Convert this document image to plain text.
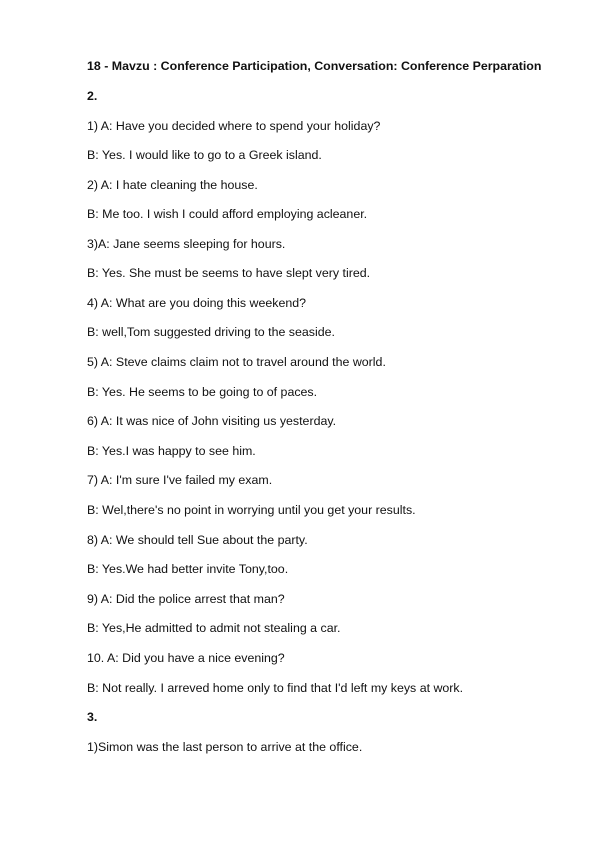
18 - Mavzu : Conference Participation, Conversation: Conference Perparation
2.
1) A: Have you decided where to spend your holiday?
B: Yes. I would like to go to a Greek island.
2) A: I hate cleaning the house.
B: Me too. I wish I could afford employing acleaner.
3)A: Jane seems sleeping for hours.
B: Yes. She must be seems to have slept very tired.
4) A: What are you doing this weekend?
B: well,Tom suggested driving to the seaside.
5) A: Steve claims claim not to travel around the world.
B: Yes. He seems to be going to of paces.
6) A: It was nice of John visiting us yesterday.
B: Yes.I was happy to see him.
7) A: I'm sure I've failed my exam.
B: Wel,there's no point in worrying until you get your results.
8) A: We should tell Sue about the party.
B: Yes.We had better invite Tony,too.
9) A: Did the police arrest that man?
B: Yes,He admitted to admit not stealing a car.
10. A: Did you have a nice evening?
B: Not really. I arreved home only to find that I'd left my keys at work.
3.
1)Simon was the last person to arrive at the office.
